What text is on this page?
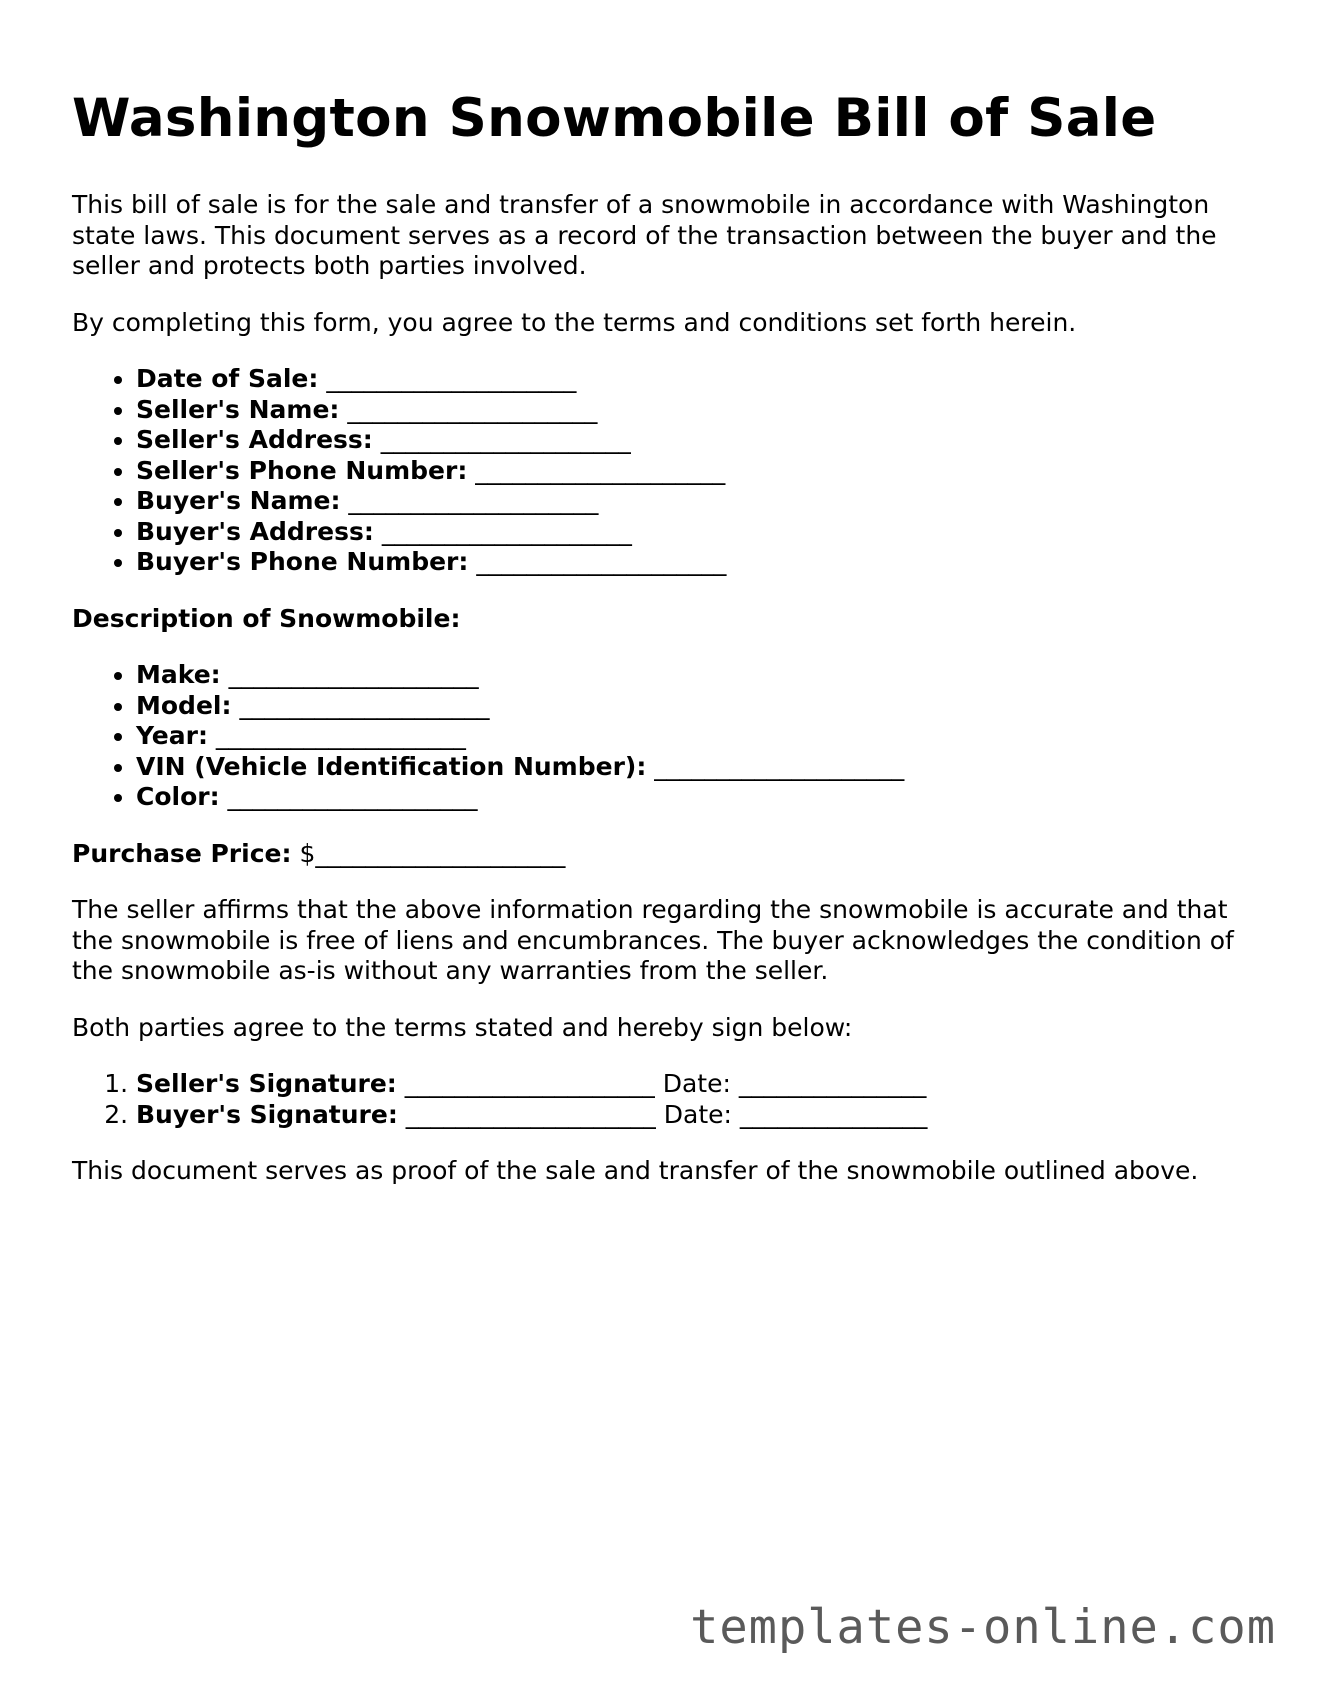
Washington Snowmobile Bill of Sale

This bill of sale is for the sale and transfer of a snowmobile in accordance with Washington state laws. This document serves as a record of the transaction between the buyer and the seller and protects both parties involved.

By completing this form, you agree to the terms and conditions set forth herein.

• Date of Sale: ____________________
• Seller's Name: ____________________
• Seller's Address: ____________________
• Seller's Phone Number: ____________________
• Buyer's Name: ____________________
• Buyer's Address: ____________________
• Buyer's Phone Number: ____________________

Description of Snowmobile:

• Make: ____________________
• Model: ____________________
• Year: ____________________
• VIN (Vehicle Identification Number): ____________________
• Color: ____________________

Purchase Price: $____________________

The seller affirms that the above information regarding the snowmobile is accurate and that the snowmobile is free of liens and encumbrances. The buyer acknowledges the condition of the snowmobile as-is without any warranties from the seller.

Both parties agree to the terms stated and hereby sign below:

1. Seller's Signature: ____________________ Date: _______________
2. Buyer's Signature: ____________________ Date: _______________

This document serves as proof of the sale and transfer of the snowmobile outlined above.

templates-online.com
